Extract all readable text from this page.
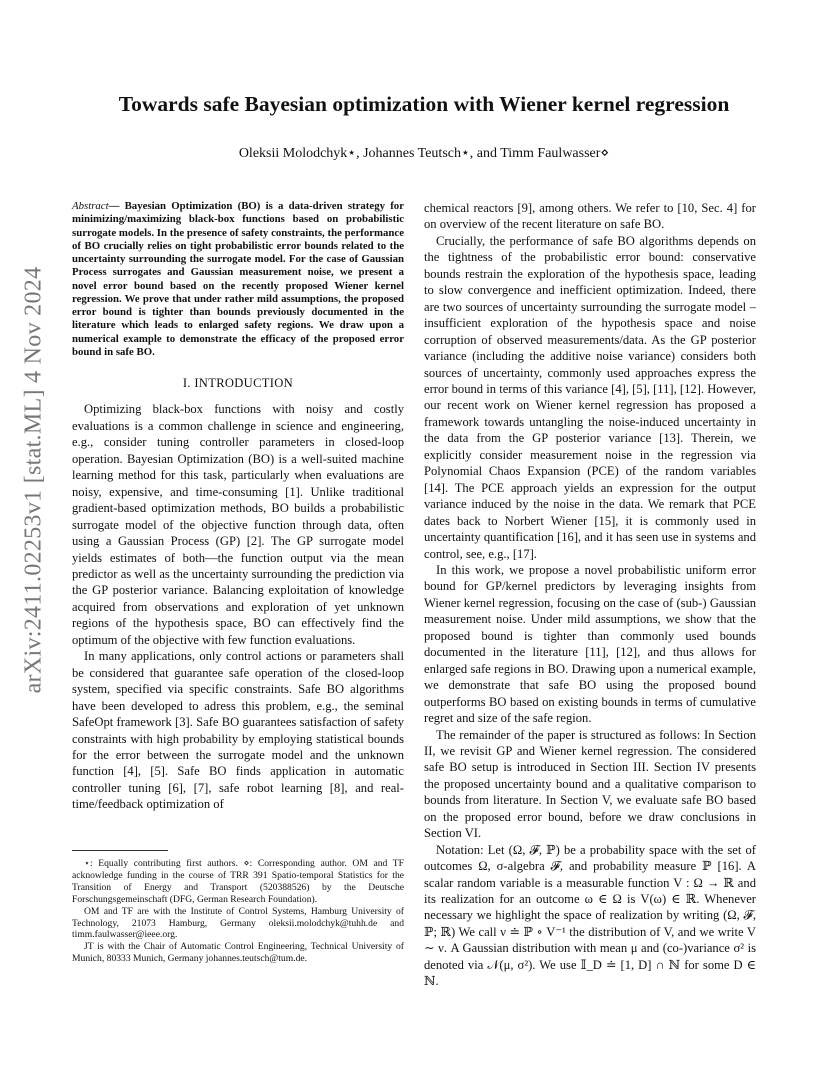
arXiv:2411.02253v1 [stat.ML] 4 Nov 2024
Towards safe Bayesian optimization with Wiener kernel regression
Oleksii Molodchyk⋆, Johannes Teutsch⋆, and Timm Faulwasser⋄

Abstract— Bayesian Optimization (BO) is a data-driven strategy for minimizing/maximizing black-box functions based on probabilistic surrogate models. In the presence of safety constraints, the performance of BO crucially relies on tight probabilistic error bounds related to the uncertainty surrounding the surrogate model. For the case of Gaussian Process surrogates and Gaussian measurement noise, we present a novel error bound based on the recently proposed Wiener kernel regression. We prove that under rather mild assumptions, the proposed error bound is tighter than bounds previously documented in the literature which leads to enlarged safety regions. We draw upon a numerical example to demonstrate the efficacy of the proposed error bound in safe BO.

I. INTRODUCTION

Optimizing black-box functions with noisy and costly evaluations is a common challenge in science and engineering, e.g., consider tuning controller parameters in closed-loop operation. Bayesian Optimization (BO) is a well-suited machine learning method for this task, particularly when evaluations are noisy, expensive, and time-consuming [1]. Unlike traditional gradient-based optimization methods, BO builds a probabilistic surrogate model of the objective function through data, often using a Gaussian Process (GP) [2]. The GP surrogate model yields estimates of both—the function output via the mean predictor as well as the uncertainty surrounding the prediction via the GP posterior variance. Balancing exploitation of knowledge acquired from observations and exploration of yet unknown regions of the hypothesis space, BO can effectively find the optimum of the objective with few function evaluations.

In many applications, only control actions or parameters shall be considered that guarantee safe operation of the closed-loop system, specified via specific constraints. Safe BO algorithms have been developed to adress this problem, e.g., the seminal SafeOpt framework [3]. Safe BO guarantees satisfaction of safety constraints with high probability by employing statistical bounds for the error between the surrogate model and the unknown function [4], [5]. Safe BO finds application in automatic controller tuning [6], [7], safe robot learning [8], and real-time/feedback optimization of

⋆: Equally contributing first authors. ⋄: Corresponding author. OM and TF acknowledge funding in the course of TRR 391 Spatio-temporal Statistics for the Transition of Energy and Transport (520388526) by the Deutsche Forschungsgemeinschaft (DFG, German Research Foundation).

OM and TF are with the Institute of Control Systems, Hamburg University of Technology, 21073 Hamburg, Germany oleksii.molodchyk@tuhh.de and timm.faulwasser@ieee.org.

JT is with the Chair of Automatic Control Engineering, Technical University of Munich, 80333 Munich, Germany johannes.teutsch@tum.de.

chemical reactors [9], among others. We refer to [10, Sec. 4] for on overview of the recent literature on safe BO.

Crucially, the performance of safe BO algorithms depends on the tightness of the probabilistic error bound: conservative bounds restrain the exploration of the hypothesis space, leading to slow convergence and inefficient optimization. Indeed, there are two sources of uncertainty surrounding the surrogate model – insufficient exploration of the hypothesis space and noise corruption of observed measurements/data. As the GP posterior variance (including the additive noise variance) considers both sources of uncertainty, commonly used approaches express the error bound in terms of this variance [4], [5], [11], [12]. However, our recent work on Wiener kernel regression has proposed a framework towards untangling the noise-induced uncertainty in the data from the GP posterior variance [13]. Therein, we explicitly consider measurement noise in the regression via Polynomial Chaos Expansion (PCE) of the random variables [14]. The PCE approach yields an expression for the output variance induced by the noise in the data. We remark that PCE dates back to Norbert Wiener [15], it is commonly used in uncertainty quantification [16], and it has seen use in systems and control, see, e.g., [17].

In this work, we propose a novel probabilistic uniform error bound for GP/kernel predictors by leveraging insights from Wiener kernel regression, focusing on the case of (sub-) Gaussian measurement noise. Under mild assumptions, we show that the proposed bound is tighter than commonly used bounds documented in the literature [11], [12], and thus allows for enlarged safe regions in BO. Drawing upon a numerical example, we demonstrate that safe BO using the proposed bound outperforms BO based on existing bounds in terms of cumulative regret and size of the safe region.

The remainder of the paper is structured as follows: In Section II, we revisit GP and Wiener kernel regression. The considered safe BO setup is introduced in Section III. Section IV presents the proposed uncertainty bound and a qualitative comparison to bounds from literature. In Section V, we evaluate safe BO based on the proposed error bound, before we draw conclusions in Section VI.

Notation: Let (Ω, 𝓕, ℙ) be a probability space with the set of outcomes Ω, σ-algebra 𝓕, and probability measure ℙ [16]. A scalar random variable is a measurable function V : Ω → ℝ and its realization for an outcome ω ∈ Ω is V(ω) ∈ ℝ. Whenever necessary we highlight the space of realization by writing (Ω, 𝓕, ℙ; ℝ) We call ν ≐ ℙ ∘ V⁻¹ the distribution of V, and we write V ∼ ν. A Gaussian distribution with mean μ and (co-)variance σ² is denoted via 𝒩(μ, σ²). We use 𝕀_D ≐ [1, D] ∩ ℕ for some D ∈ ℕ.
